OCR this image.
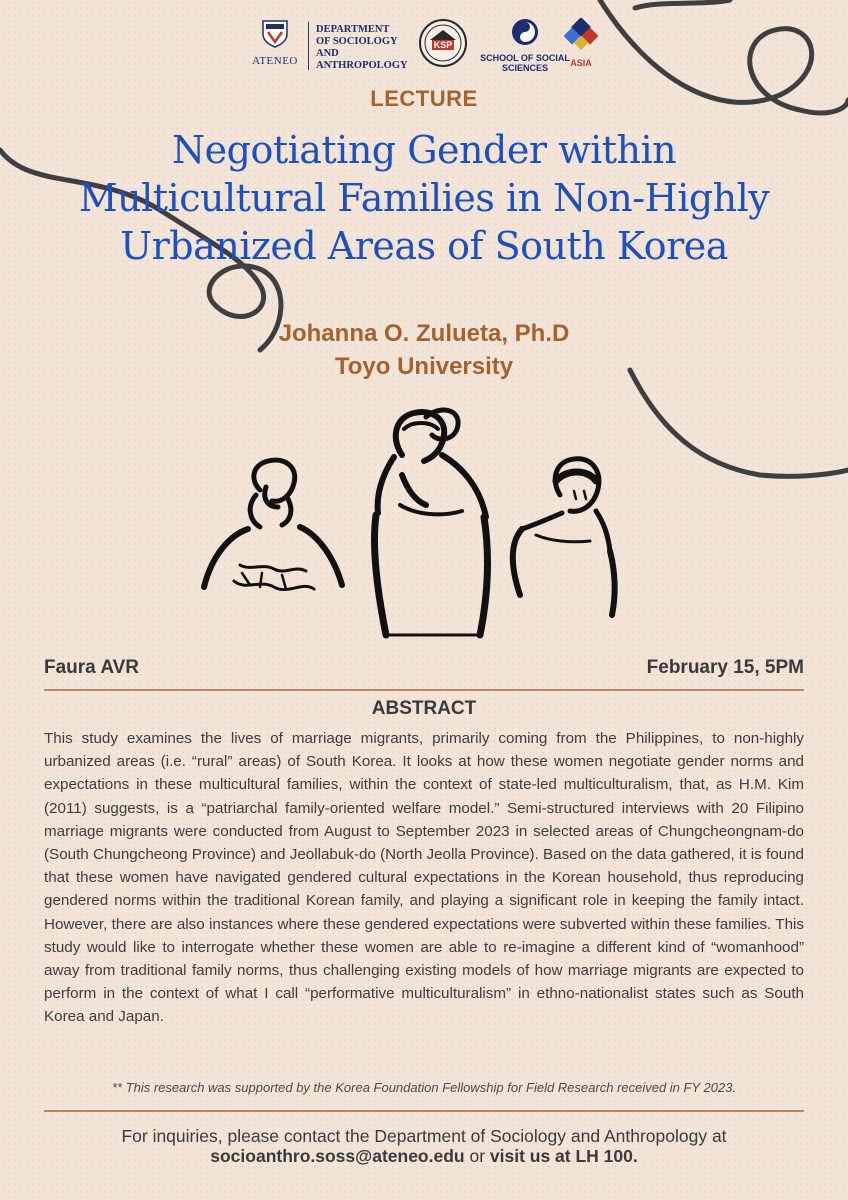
ATENEO
DEPARTMENT OF SOCIOLOGY AND ANTHROPOLOGY
KSP
SCHOOL OF SOCIAL SCIENCES	ASIA
LECTURE
Negotiating Gender within Multicultural Families in Non-Highly Urbanized Areas of South Korea
Johanna O. Zulueta, Ph.D
Toyo University
Faura AVR	February 15, 5PM
ABSTRACT
This study examines the lives of marriage migrants, primarily coming from the Philippines, to non-highly urbanized areas (i.e. “rural” areas) of South Korea. It looks at how these women negotiate gender norms and expectations in these multicultural families, within the context of state-led multiculturalism, that, as H.M. Kim (2011) suggests, is a “patriarchal family-oriented welfare model.” Semi-structured interviews with 20 Filipino marriage migrants were conducted from August to September 2023 in selected areas of Chungcheongnam-do (South Chungcheong Province) and Jeollabuk-do (North Jeolla Province). Based on the data gathered, it is found that these women have navigated gendered cultural expectations in the Korean household, thus reproducing gendered norms within the traditional Korean family, and playing a significant role in keeping the family intact. However, there are also instances where these gendered expectations were subverted within these families. This study would like to interrogate whether these women are able to re-imagine a different kind of “womanhood” away from traditional family norms, thus challenging existing models of how marriage migrants are expected to perform in the context of what I call “performative multiculturalism” in ethno-nationalist states such as South Korea and Japan.
** This research was supported by the Korea Foundation Fellowship for Field Research received in FY 2023.
For inquiries, please contact the Department of Sociology and Anthropology at
socioanthro.soss@ateneo.edu or visit us at LH 100.
